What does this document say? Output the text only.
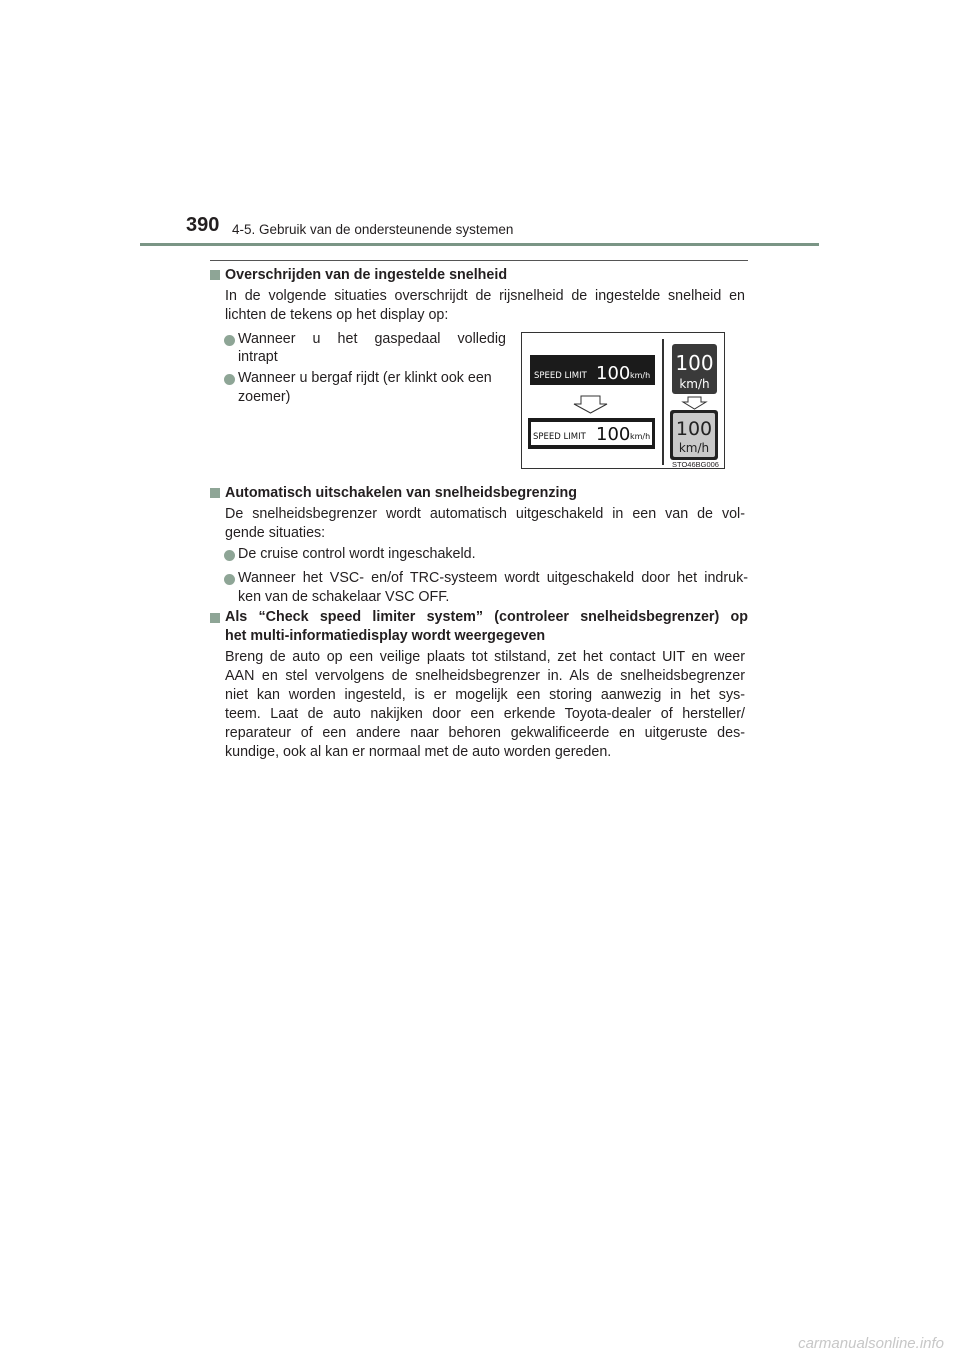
390 4-5. Gebruik van de ondersteunende systemen
Overschrijden van de ingestelde snelheid
In de volgende situaties overschrijdt de rijsnelheid de ingestelde snelheid en
lichten de tekens op het display op:
Wanneer u het gaspedaal volledig
intrapt
Wanneer u bergaf rijdt (er klinkt ook een
zoemer)
SPEED LIMIT 100 km/h
SPEED LIMIT 100 km/h
100
km/h
100
km/h
STO46BG006
Automatisch uitschakelen van snelheidsbegrenzing
De snelheidsbegrenzer wordt automatisch uitgeschakeld in een van de vol-
gende situaties:
De cruise control wordt ingeschakeld.
Wanneer het VSC- en/of TRC-systeem wordt uitgeschakeld door het indruk-
ken van de schakelaar VSC OFF.
Als “Check speed limiter system” (controleer snelheidsbegrenzer) op
het multi-informatiedisplay wordt weergegeven
Breng de auto op een veilige plaats tot stilstand, zet het contact UIT en weer
AAN en stel vervolgens de snelheidsbegrenzer in. Als de snelheidsbegrenzer
niet kan worden ingesteld, is er mogelijk een storing aanwezig in het sys-
teem. Laat de auto nakijken door een erkende Toyota-dealer of hersteller/
reparateur of een andere naar behoren gekwalificeerde en uitgeruste des-
kundige, ook al kan er normaal met de auto worden gereden.
carmanualsonline.info
